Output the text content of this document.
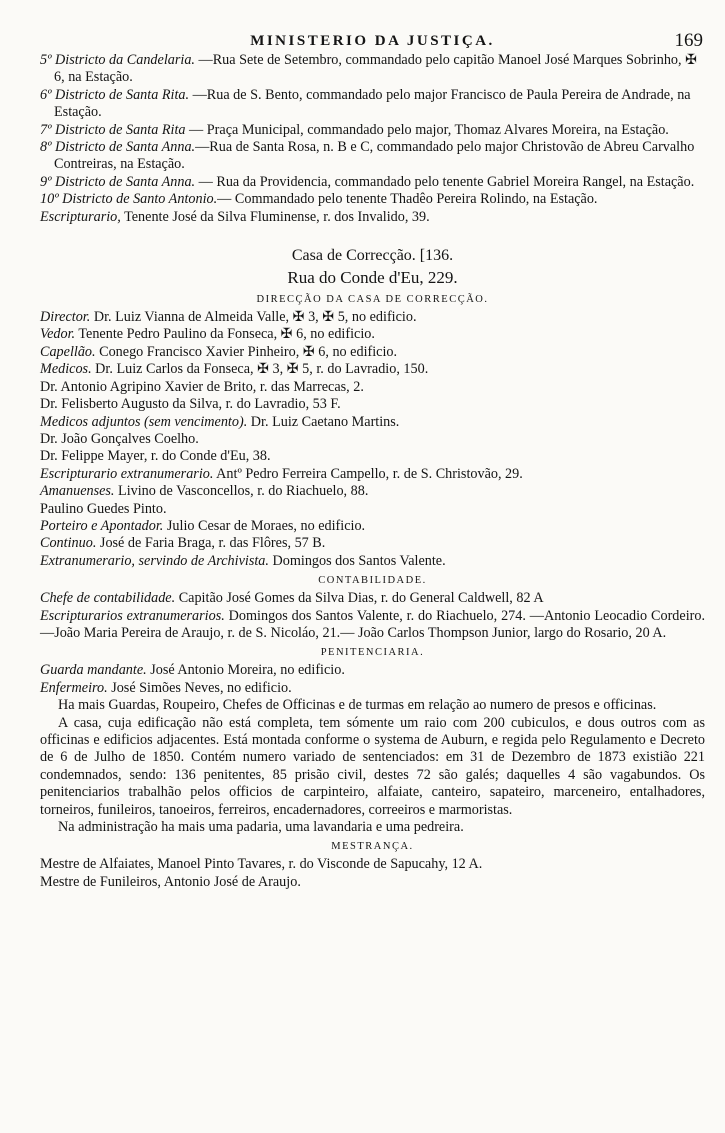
MINISTERIO DA JUSTIÇA.	169
5º Districto da Candelaria. —Rua Sete de Setembro, commandado pelo capitão Manoel José Marques Sobrinho, ✠ 6, na Estação.
6º Districto de Santa Rita. —Rua de S. Bento, commandado pelo major Francisco de Paula Pereira de Andrade, na Estação.
7º Districto de Santa Rita — Praça Municipal, commandado pelo major, Thomaz Alvares Moreira, na Estação.
8º Districto de Santa Anna.—Rua de Santa Rosa, n. B e C, commandado pelo major Christovão de Abreu Carvalho Contreiras, na Estação.
9º Districto de Santa Anna. — Rua da Providencia, commandado pelo tenente Gabriel Moreira Rangel, na Estação.
10º Districto de Santo Antonio.— Commandado pelo tenente Thadêo Pereira Rolindo, na Estação.
Escripturario, Tenente José da Silva Fluminense, r. dos Invalido, 39.
Casa de Correcção. [136.
Rua do Conde d'Eu, 229.
DIRECÇÃO DA CASA DE CORRECÇÃO.
Director. Dr. Luiz Vianna de Almeida Valle, ✠ 3, ✠ 5, no edificio.
Vedor. Tenente Pedro Paulino da Fonseca, ✠ 6, no edificio.
Capellão. Conego Francisco Xavier Pinheiro, ✠ 6, no edificio.
Medicos. Dr. Luiz Carlos da Fonseca, ✠ 3, ✠ 5, r. do Lavradio, 150.
Dr. Antonio Agripino Xavier de Brito, r. das Marrecas, 2.
Dr. Felisberto Augusto da Silva, r. do Lavradio, 53 F.
Medicos adjuntos (sem vencimento). Dr. Luiz Caetano Martins.
Dr. João Gonçalves Coelho.
Dr. Felippe Mayer, r. do Conde d'Eu, 38.
Escripturario extranumerario. Antº Pedro Ferreira Campello, r. de S. Christovão, 29.
Amanuenses. Livino de Vasconcellos, r. do Riachuelo, 88.
Paulino Guedes Pinto.
Porteiro e Apontador. Julio Cesar de Moraes, no edificio.
Continuo. José de Faria Braga, r. das Flôres, 57 B.
Extranumerario, servindo de Archivista. Domingos dos Santos Valente.
CONTABILIDADE.
Chefe de contabilidade. Capitão José Gomes da Silva Dias, r. do General Caldwell, 82 A
Escripturarios extranumerarios. Domingos dos Santos Valente, r. do Riachuelo, 274. —Antonio Leocadio Cordeiro. —João Maria Pereira de Araujo, r. de S. Nicoláo, 21.— João Carlos Thompson Junior, largo do Rosario, 20 A.
PENITENCIARIA.
Guarda mandante. José Antonio Moreira, no edificio.
Enfermeiro. José Simões Neves, no edificio.
Ha mais Guardas, Roupeiro, Chefes de Officinas e de turmas em relação ao numero de presos e officinas.
A casa, cuja edificação não está completa, tem sómente um raio com 200 cubiculos, e dous outros com as officinas e edificios adjacentes. Está montada conforme o systema de Auburn, e regida pelo Regulamento e Decreto de 6 de Julho de 1850. Contém numero variado de sentenciados: em 31 de Dezembro de 1873 existião 221 condemnados, sendo: 136 penitentes, 85 prisão civil, destes 72 são galés; daquelles 4 são vagabundos. Os penitenciarios trabalhão pelos officios de carpinteiro, alfaiate, canteiro, sapateiro, marceneiro, entalhadores, torneiros, funileiros, tanoeiros, ferreiros, encadernadores, correeiros e marmoristas.
Na administração ha mais uma padaria, uma lavandaria e uma pedreira.
MESTRANÇA.
Mestre de Alfaiates, Manoel Pinto Tavares, r. do Visconde de Sapucahy, 12 A.
Mestre de Funileiros, Antonio José de Araujo.
